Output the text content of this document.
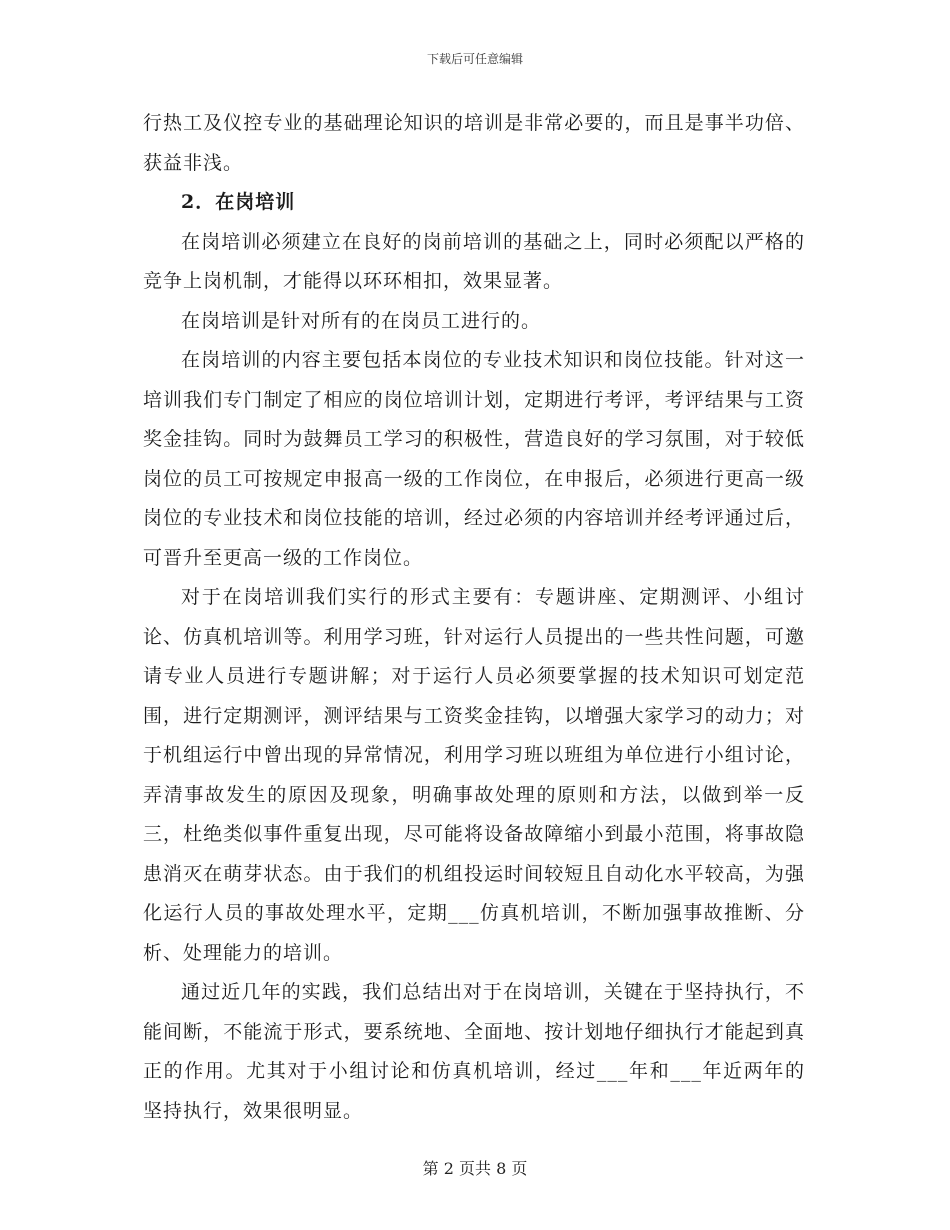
下载后可任意编辑

行热工及仪控专业的基础理论知识的培训是非常必要的，而且是事半功倍、获益非浅。

2．在岗培训

在岗培训必须建立在良好的岗前培训的基础之上，同时必须配以严格的竞争上岗机制，才能得以环环相扣，效果显著。

在岗培训是针对所有的在岗员工进行的。

在岗培训的内容主要包括本岗位的专业技术知识和岗位技能。针对这一培训我们专门制定了相应的岗位培训计划，定期进行考评，考评结果与工资奖金挂钩。同时为鼓舞员工学习的积极性，营造良好的学习氛围，对于较低岗位的员工可按规定申报高一级的工作岗位，在申报后，必须进行更高一级岗位的专业技术和岗位技能的培训，经过必须的内容培训并经考评通过后，可晋升至更高一级的工作岗位。

对于在岗培训我们实行的形式主要有：专题讲座、定期测评、小组讨论、仿真机培训等。利用学习班，针对运行人员提出的一些共性问题，可邀请专业人员进行专题讲解；对于运行人员必须要掌握的技术知识可划定范围，进行定期测评，测评结果与工资奖金挂钩，以增强大家学习的动力；对于机组运行中曾出现的异常情况，利用学习班以班组为单位进行小组讨论，弄清事故发生的原因及现象，明确事故处理的原则和方法，以做到举一反三，杜绝类似事件重复出现，尽可能将设备故障缩小到最小范围，将事故隐患消灭在萌芽状态。由于我们的机组投运时间较短且自动化水平较高，为强化运行人员的事故处理水平，定期___仿真机培训，不断加强事故推断、分析、处理能力的培训。

通过近几年的实践，我们总结出对于在岗培训，关键在于坚持执行，不能间断，不能流于形式，要系统地、全面地、按计划地仔细执行才能起到真正的作用。尤其对于小组讨论和仿真机培训，经过___年和___年近两年的坚持执行，效果很明显。

第 2 页共 8 页
